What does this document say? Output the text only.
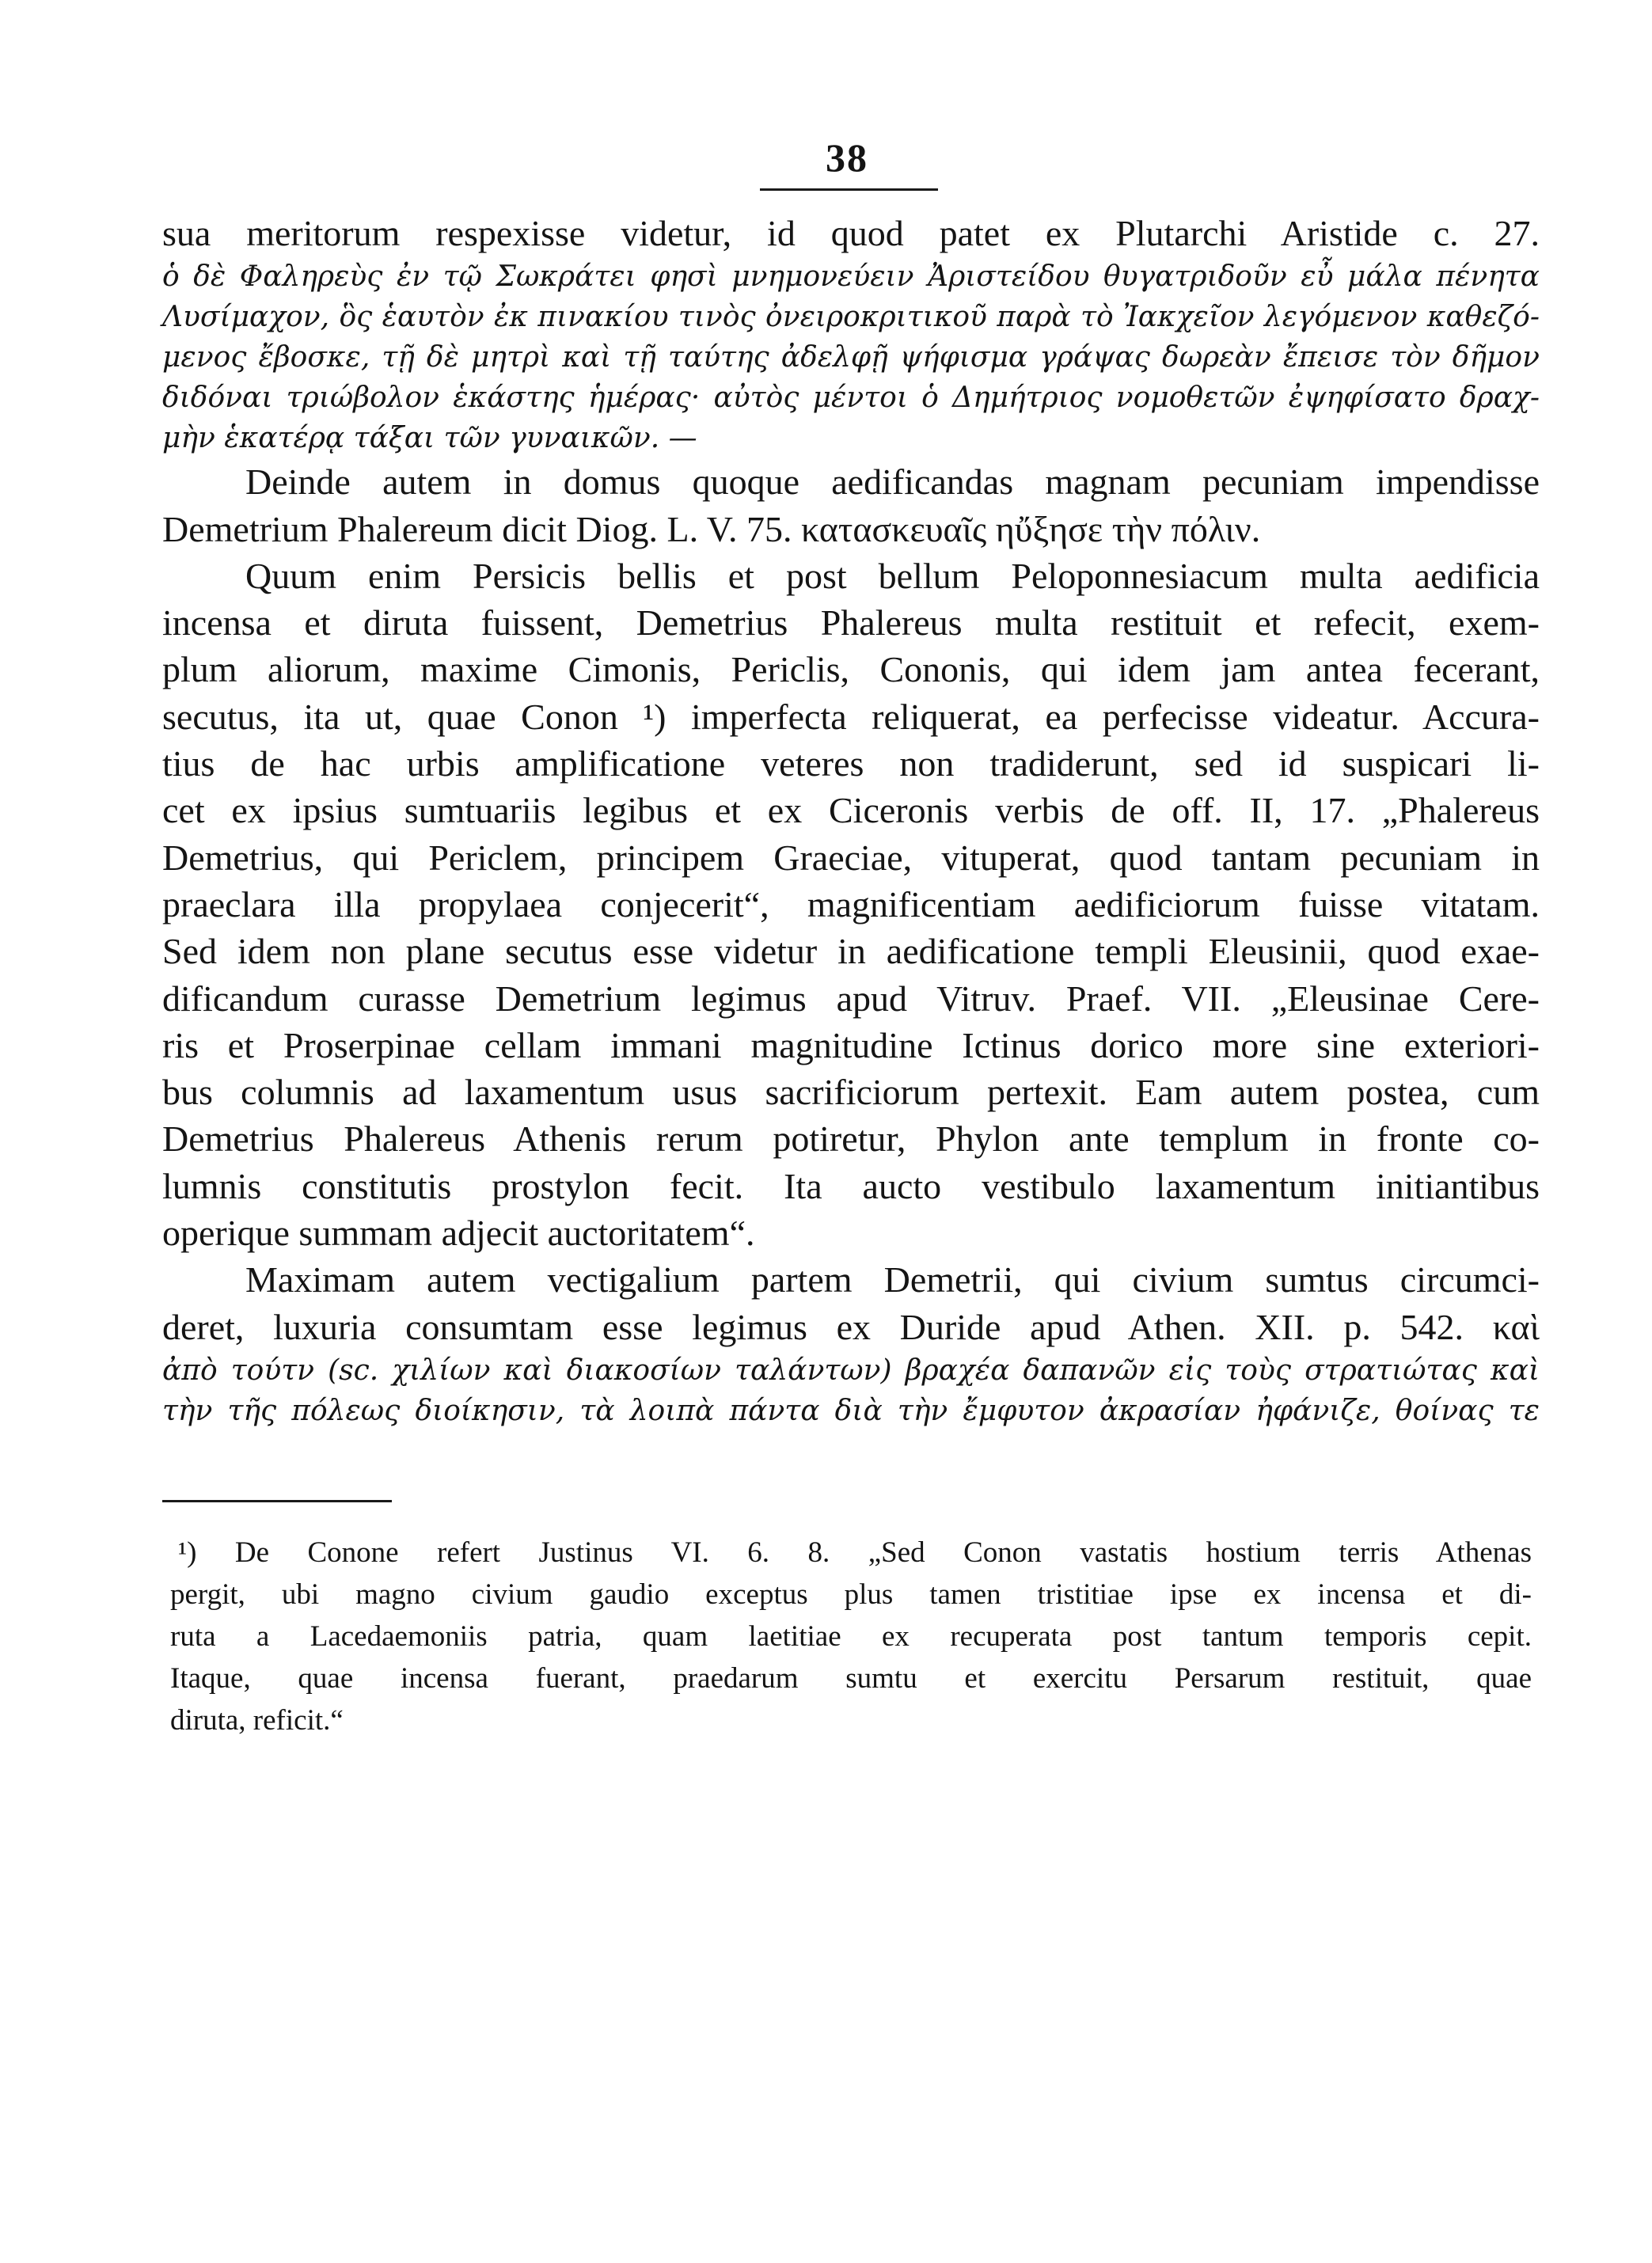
38
sua meritorum respexisse videtur, id quod patet ex Plutarchi Aristide c. 27.
ὁ δὲ Φαληρεὺς ἐν τῷ Σωκράτει φησὶ μνημονεύειν Ἀριστείδου θυγατριδοῦν εὖ μάλα πένητα
Λυσίμαχον, ὃς ἑαυτὸν ἐκ πινακίου τινὸς ὀνειροκριτικοῦ παρὰ τὸ Ἰακχεῖον λεγόμενον καθεζό-
μενος ἔβοσκε, τῇ δὲ μητρὶ καὶ τῇ ταύτης ἀδελφῇ ψήφισμα γράψας δωρεὰν ἔπεισε τὸν δῆμον
διδόναι τριώβολον ἑκάστης ἡμέρας· αὐτὸς μέντοι ὁ Δημήτριος νομοθετῶν ἐψηφίσατο δραχ-
μὴν ἑκατέρᾳ τάξαι τῶν γυναικῶν. —
Deinde autem in domus quoque aedificandas magnam pecuniam impendisse
Demetrium Phalereum dicit Diog. L. V. 75. κατασκευαῖς ηὔξησε τὴν πόλιν.
Quum enim Persicis bellis et post bellum Peloponnesiacum multa aedificia
incensa et diruta fuissent, Demetrius Phalereus multa restituit et refecit, exem-
plum aliorum, maxime Cimonis, Periclis, Cononis, qui idem jam antea fecerant,
secutus, ita ut, quae Conon ¹) imperfecta reliquerat, ea perfecisse videatur. Accura-
tius de hac urbis amplificatione veteres non tradiderunt, sed id suspicari li-
cet ex ipsius sumtuariis legibus et ex Ciceronis verbis de off. II, 17. „Phalereus
Demetrius, qui Periclem, principem Graeciae, vituperat, quod tantam pecuniam in
praeclara illa propylaea conjecerit“, magnificentiam aedificiorum fuisse vitatam.
Sed idem non plane secutus esse videtur in aedificatione templi Eleusinii, quod exae-
dificandum curasse Demetrium legimus apud Vitruv. Praef. VII. „Eleusinae Cere-
ris et Proserpinae cellam immani magnitudine Ictinus dorico more sine exteriori-
bus columnis ad laxamentum usus sacrificiorum pertexit. Eam autem postea, cum
Demetrius Phalereus Athenis rerum potiretur, Phylon ante templum in fronte co-
lumnis constitutis prostylon fecit. Ita aucto vestibulo laxamentum initiantibus
operique summam adjecit auctoritatem“.
Maximam autem vectigalium partem Demetrii, qui civium sumtus circumci-
deret, luxuria consumtam esse legimus ex Duride apud Athen. XII. p. 542. καὶ
ἀπὸ τούτν (sc. χιλίων καὶ διακοσίων ταλάντων) βραχέα δαπανῶν εἰς τοὺς στρατιώτας καὶ
τὴν τῆς πόλεως διοίκησιν, τὰ λοιπὰ πάντα διὰ τὴν ἔμφυτον ἀκρασίαν ἠφάνιζε, θοίνας τε
¹) De Conone refert Justinus VI. 6. 8. „Sed Conon vastatis hostium terris Athenas
pergit, ubi magno civium gaudio exceptus plus tamen tristitiae ipse ex incensa et di-
ruta a Lacedaemoniis patria, quam laetitiae ex recuperata post tantum temporis cepit.
Itaque, quae incensa fuerant, praedarum sumtu et exercitu Persarum restituit, quae
diruta, reficit.“
